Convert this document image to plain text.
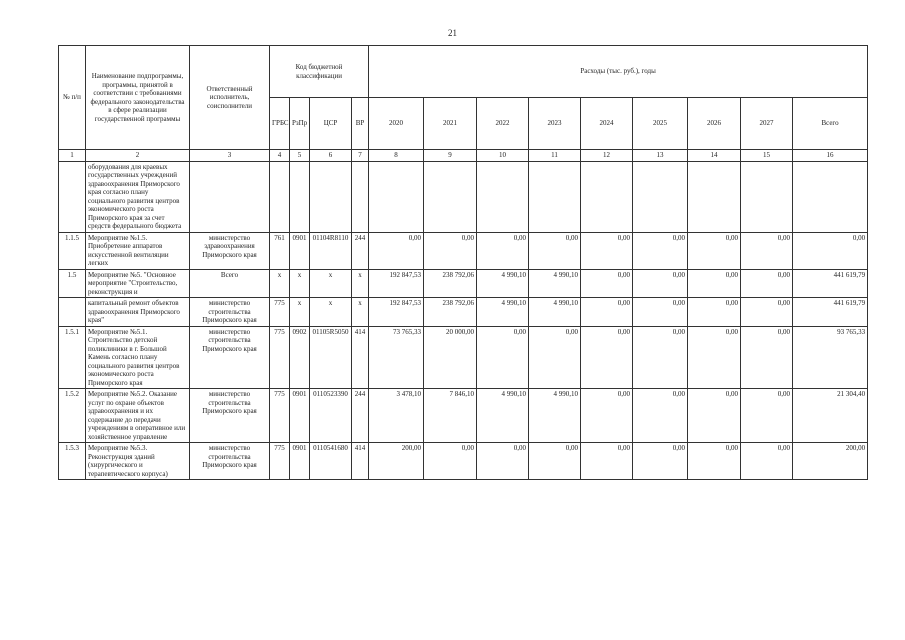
21
№ п/п	Наименование подпрограммы, программы, принятой в соответствии с требованиями федерального законодательства в сфере реализации государственной программы	Ответственный исполнитель, соисполнители	Код бюджетной классификации				Расходы (тыс. руб.), годы								
			ГРБС	РзПр	ЦСР	ВР	2020	2021	2022	2023	2024	2025	2026	2027	Всего
1	2	3	4	5	6	7	8	9	10	11	12	13	14	15	16
	оборудования для краевых государственных учреждений здравоохранения Приморского края согласно плану социального развития центров экономического роста Приморского края за счет средств федерального бюджета														
1.1.5	Мероприятие №1.5. Приобретение аппаратов искусственной вентиляции легких	министерство здравоохранения Приморского края	761	0901	01104R8110	244	0,00	0,00	0,00	0,00	0,00	0,00	0,00	0,00	0,00
1.5	Мероприятие №5. "Основное мероприятие "Строительство, реконструкция и	Всего	x	x	x	x	192 847,53	238 792,06	4 990,10	4 990,10	0,00	0,00	0,00	0,00	441 619,79
	капитальный ремонт объектов здравоохранения Приморского края"	министерство строительства Приморского края	775	x	x	x	192 847,53	238 792,06	4 990,10	4 990,10	0,00	0,00	0,00	0,00	441 619,79
1.5.1	Мероприятие №5.1. Строительство детской поликлиники в г. Большой Камень согласно плану социального развития центров экономического роста Приморского края	министерство строительства Приморского края	775	0902	01105R5050	414	73 765,33	20 000,00	0,00	0,00	0,00	0,00	0,00	0,00	93 765,33
1.5.2	Мероприятие №5.2. Оказание услуг по охране объектов здравоохранения и их содержание до передачи учреждениям в оперативное или хозяйственное управление	министерство строительства Приморского края	775	0901	0110523390	244	3 478,10	7 846,10	4 990,10	4 990,10	0,00	0,00	0,00	0,00	21 304,40
1.5.3	Мероприятие №5.3. Реконструкция зданий (хирургического и терапевтического корпуса)	министерство строительства Приморского края	775	0901	0110541680	414	200,00	0,00	0,00	0,00	0,00	0,00	0,00	0,00	200,00
